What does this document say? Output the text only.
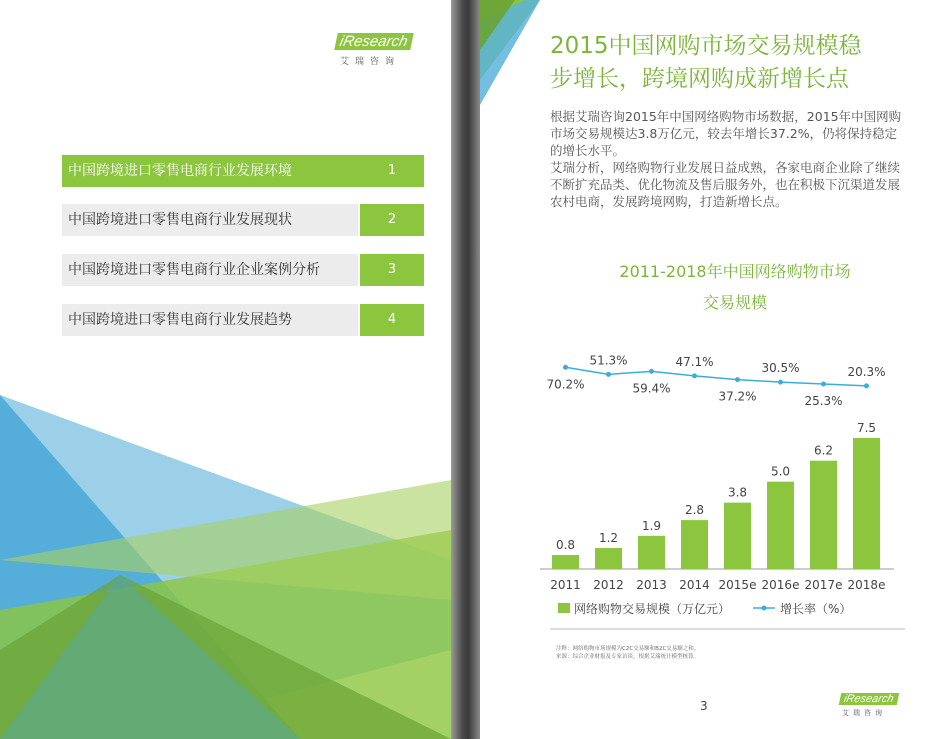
iResearch
艾瑞咨询
中国跨境进口零售电商行业发展环境	1
中国跨境进口零售电商行业发展现状	2
中国跨境进口零售电商行业企业案例分析	3
中国跨境进口零售电商行业发展趋势	4
2015中国网购市场交易规模稳
步增长，跨境网购成新增长点

根据艾瑞咨询2015年中国网络购物市场数据，2015年中国网购市场交易规模达3.8万亿元，较去年增长37.2%，仍将保持稳定的增长水平。

艾瑞分析，网络购物行业发展日益成熟，各家电商企业除了继续不断扩充品类、优化物流及售后服务外，也在积极下沉渠道发展农村电商，发展跨境网购，打造新增长点。

2011-2018年中国网络购物市场
交易规模
0.8
2011
1.2
2012
1.9
2013
2.8
2014
3.8
2015e
5.0
2016e
6.2
2017e
7.5
2018e
70.2%
51.3%
59.4%
47.1%
37.2%
30.5%
25.3%
20.3%
网络购物交易规模（万亿元）	增长率（%）
注释：网络购物市场规模为C2C交易额和B2C交易额之和。
来源：综合企业财报及专家访谈，根据艾瑞统计模型核算。
3	iResearch
艾瑞咨询
